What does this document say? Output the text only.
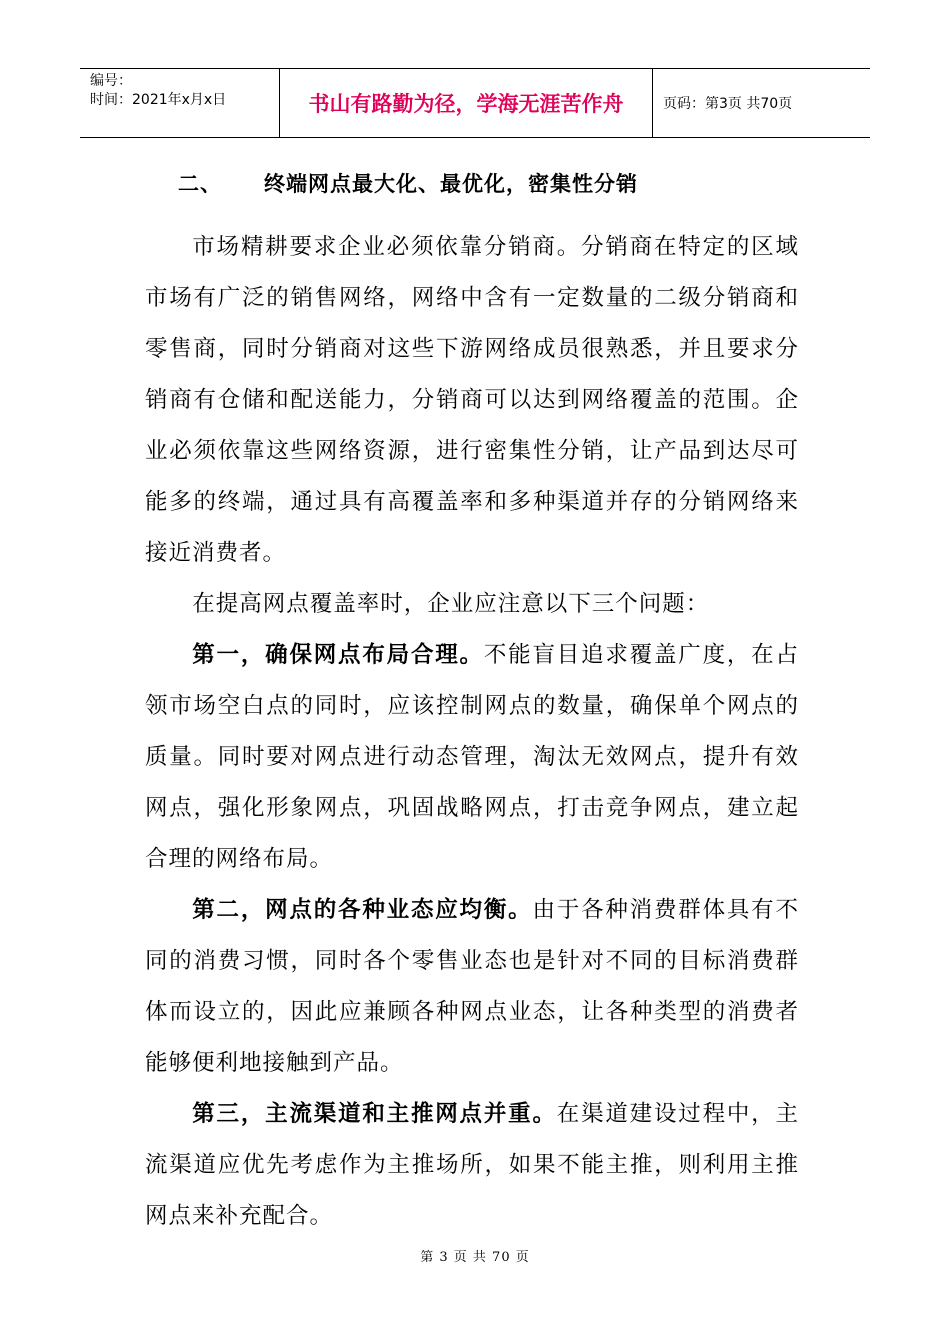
编号：
时间：2021年x月x日	书山有路勤为径，学海无涯苦作舟	页码：第3页 共70页
二、 终端网点最大化、最优化，密集性分销

市场精耕要求企业必须依靠分销商。分销商在特定的区域市场有广泛的销售网络，网络中含有一定数量的二级分销商和零售商，同时分销商对这些下游网络成员很熟悉，并且要求分销商有仓储和配送能力，分销商可以达到网络覆盖的范围。企业必须依靠这些网络资源，进行密集性分销，让产品到达尽可能多的终端，通过具有高覆盖率和多种渠道并存的分销网络来接近消费者。

在提高网点覆盖率时，企业应注意以下三个问题：

第一，确保网点布局合理。不能盲目追求覆盖广度，在占领市场空白点的同时，应该控制网点的数量，确保单个网点的质量。同时要对网点进行动态管理，淘汰无效网点，提升有效网点，强化形象网点，巩固战略网点，打击竞争网点，建立起合理的网络布局。

第二，网点的各种业态应均衡。由于各种消费群体具有不同的消费习惯，同时各个零售业态也是针对不同的目标消费群体而设立的，因此应兼顾各种网点业态，让各种类型的消费者能够便利地接触到产品。

第三，主流渠道和主推网点并重。在渠道建设过程中，主流渠道应优先考虑作为主推场所，如果不能主推，则利用主推网点来补充配合。

第 3 页 共 70 页
